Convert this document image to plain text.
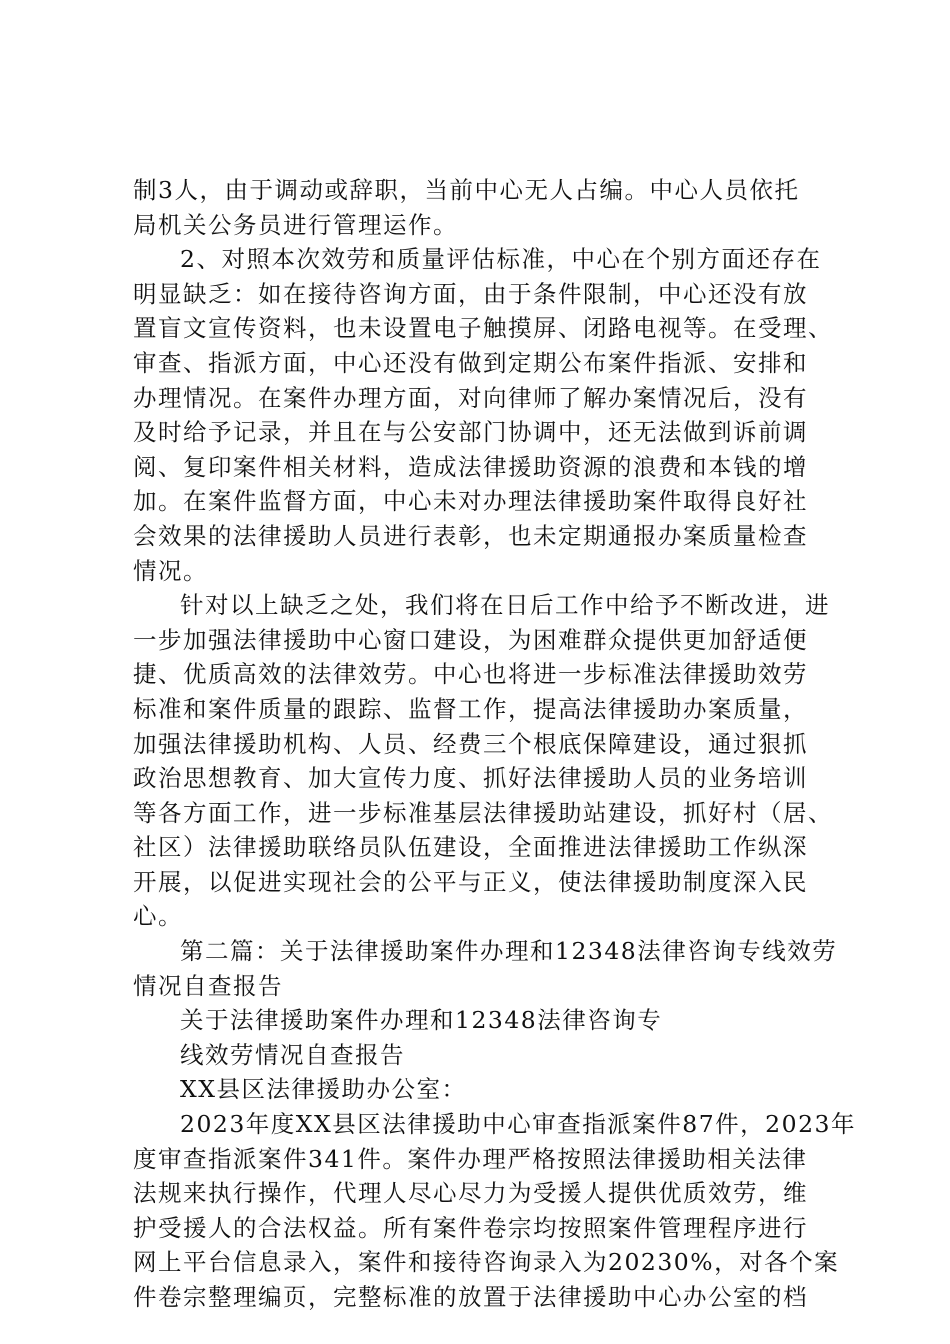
制3人，由于调动或辞职，当前中心无人占编。中心人员依托
局机关公务员进行管理运作。
2、对照本次效劳和质量评估标准，中心在个别方面还存在
明显缺乏：如在接待咨询方面，由于条件限制，中心还没有放
置盲文宣传资料，也未设置电子触摸屏、闭路电视等。在受理、
审查、指派方面，中心还没有做到定期公布案件指派、安排和
办理情况。在案件办理方面，对向律师了解办案情况后，没有
及时给予记录，并且在与公安部门协调中，还无法做到诉前调
阅、复印案件相关材料，造成法律援助资源的浪费和本钱的增
加。在案件监督方面，中心未对办理法律援助案件取得良好社
会效果的法律援助人员进行表彰，也未定期通报办案质量检查
情况。
针对以上缺乏之处，我们将在日后工作中给予不断改进，进
一步加强法律援助中心窗口建设，为困难群众提供更加舒适便
捷、优质高效的法律效劳。中心也将进一步标准法律援助效劳
标准和案件质量的跟踪、监督工作，提高法律援助办案质量，
加强法律援助机构、人员、经费三个根底保障建设，通过狠抓
政治思想教育、加大宣传力度、抓好法律援助人员的业务培训
等各方面工作，进一步标准基层法律援助站建设，抓好村（居、
社区）法律援助联络员队伍建设，全面推进法律援助工作纵深
开展，以促进实现社会的公平与正义，使法律援助制度深入民
心。
第二篇：关于法律援助案件办理和12348法律咨询专线效劳
情况自查报告
关于法律援助案件办理和12348法律咨询专
线效劳情况自查报告
XX县区法律援助办公室：
2023年度XX县区法律援助中心审查指派案件87件，2023年
度审查指派案件341件。案件办理严格按照法律援助相关法律
法规来执行操作，代理人尽心尽力为受援人提供优质效劳，维
护受援人的合法权益。所有案件卷宗均按照案件管理程序进行
网上平台信息录入，案件和接待咨询录入为20230%，对各个案
件卷宗整理编页，完整标准的放置于法律援助中心办公室的档
